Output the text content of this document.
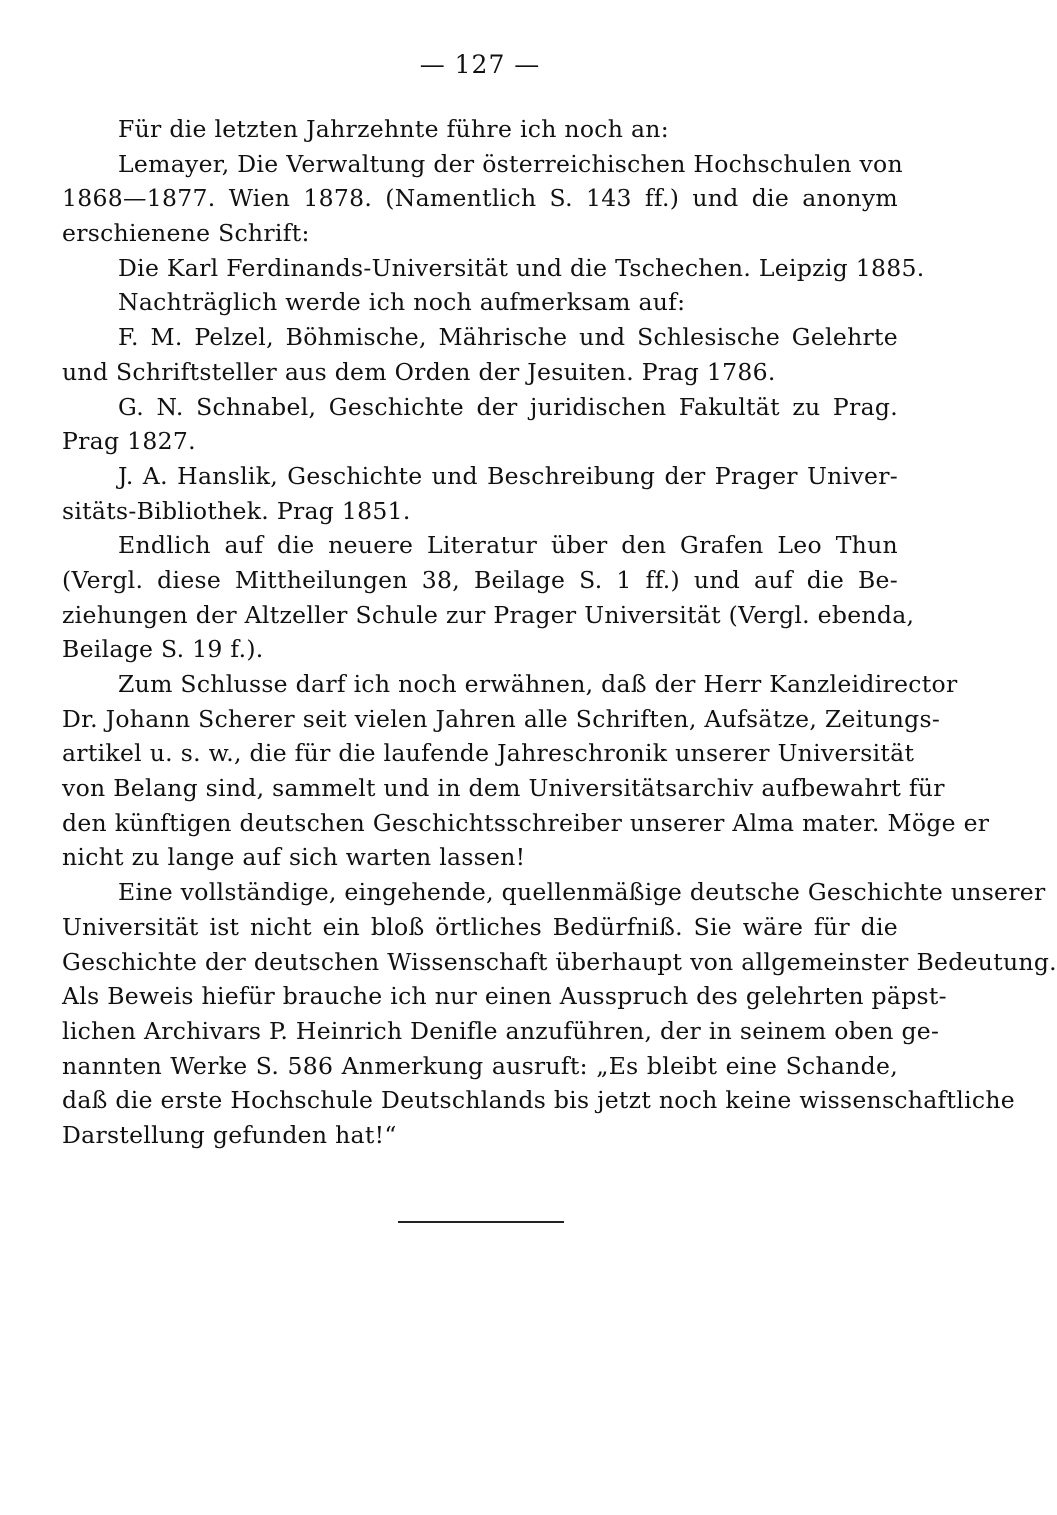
— 127 —
Für die letzten Jahrzehnte führe ich noch an:
Lemayer, Die Verwaltung der österreichischen Hochschulen von
1868—1877. Wien 1878. (Namentlich S. 143 ff.) und die anonym
erschienene Schrift:
Die Karl Ferdinands-Universität und die Tschechen. Leipzig 1885.
Nachträglich werde ich noch aufmerksam auf:
F. M. Pelzel, Böhmische, Mährische und Schlesische Gelehrte
und Schriftsteller aus dem Orden der Jesuiten. Prag 1786.
G. N. Schnabel, Geschichte der juridischen Fakultät zu Prag.
Prag 1827.
J. A. Hanslik, Geschichte und Beschreibung der Prager Univer-
sitäts-Bibliothek. Prag 1851.
Endlich auf die neuere Literatur über den Grafen Leo Thun
(Vergl. diese Mittheilungen 38, Beilage S. 1 ff.) und auf die Be-
ziehungen der Altzeller Schule zur Prager Universität (Vergl. ebenda,
Beilage S. 19 f.).
Zum Schlusse darf ich noch erwähnen, daß der Herr Kanzleidirector
Dr. Johann Scherer seit vielen Jahren alle Schriften, Aufsätze, Zeitungs-
artikel u. s. w., die für die laufende Jahreschronik unserer Universität
von Belang sind, sammelt und in dem Universitätsarchiv aufbewahrt für
den künftigen deutschen Geschichtsschreiber unserer Alma mater. Möge er
nicht zu lange auf sich warten lassen!
Eine vollständige, eingehende, quellenmäßige deutsche Geschichte unserer
Universität ist nicht ein bloß örtliches Bedürfniß. Sie wäre für die
Geschichte der deutschen Wissenschaft überhaupt von allgemeinster Bedeutung.
Als Beweis hiefür brauche ich nur einen Ausspruch des gelehrten päpst-
lichen Archivars P. Heinrich Denifle anzuführen, der in seinem oben ge-
nannten Werke S. 586 Anmerkung ausruft: „Es bleibt eine Schande,
daß die erste Hochschule Deutschlands bis jetzt noch keine wissenschaftliche
Darstellung gefunden hat!“
